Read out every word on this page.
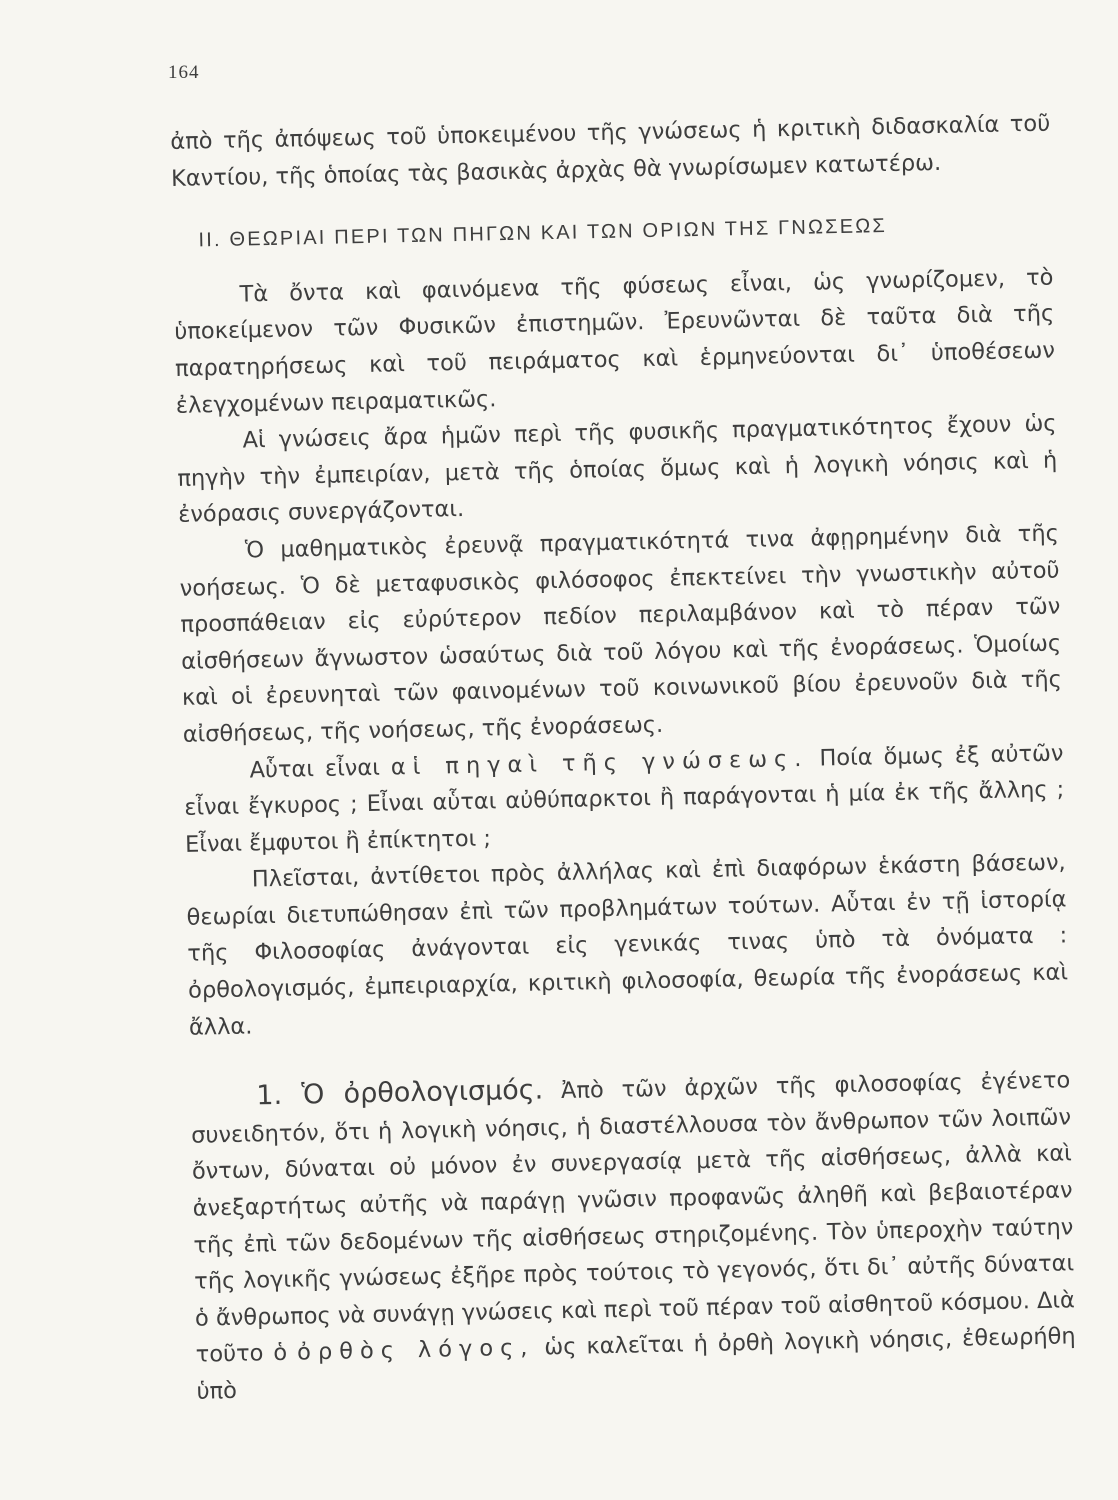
164

ἀπὸ τῆς ἀπόψεως τοῦ ὑποκειμένου τῆς γνώσεως ἡ κριτικὴ διδασκαλία τοῦ Καντίου, τῆς ὁποίας τὰς βασικὰς ἀρχὰς θὰ γνωρίσωμεν κατωτέρω.

ΙΙ. ΘΕΩΡΙΑΙ ΠΕΡΙ ΤΩΝ ΠΗΓΩΝ ΚΑΙ ΤΩΝ ΟΡΙΩΝ ΤΗΣ ΓΝΩΣΕΩΣ

Τὰ ὄντα καὶ φαινόμενα τῆς φύσεως εἶναι, ὡς γνωρίζομεν, τὸ ὑποκείμενον τῶν Φυσικῶν ἐπιστημῶν. Ἐρευνῶνται δὲ ταῦτα διὰ τῆς παρατηρήσεως καὶ τοῦ πειράματος καὶ ἑρμηνεύονται δι᾽ ὑποθέσεων ἐλεγχομένων πειραματικῶς.

Αἱ γνώσεις ἄρα ἡμῶν περὶ τῆς φυσικῆς πραγματικότητος ἔχουν ὡς πηγὴν τὴν ἐμπειρίαν, μετὰ τῆς ὁποίας ὅμως καὶ ἡ λογικὴ νόησις καὶ ἡ ἐνόρασις συνεργάζονται.

Ὁ μαθηματικὸς ἐρευνᾷ πραγματικότητά τινα ἀφῃρημένην διὰ τῆς νοήσεως. Ὁ δὲ μεταφυσικὸς φιλόσοφος ἐπεκτείνει τὴν γνωστικὴν αὐτοῦ προσπάθειαν εἰς εὐρύτερον πεδίον περιλαμβάνον καὶ τὸ πέραν τῶν αἰσθήσεων ἄγνωστον ὡσαύτως διὰ τοῦ λόγου καὶ τῆς ἐνοράσεως. Ὁμοίως καὶ οἱ ἐρευνηταὶ τῶν φαινομένων τοῦ κοινωνικοῦ βίου ἐρευνοῦν διὰ τῆς αἰσθήσεως, τῆς νοήσεως, τῆς ἐνοράσεως.

Αὗται εἶναι αἱ πηγαὶ τῆς γνώσεως. Ποία ὅμως ἐξ αὐτῶν εἶναι ἔγκυρος ; Εἶναι αὗται αὐθύπαρκτοι ἢ παράγονται ἡ μία ἐκ τῆς ἄλλης ; Εἶναι ἔμφυτοι ἢ ἐπίκτητοι ;

Πλεῖσται, ἀντίθετοι πρὸς ἀλλήλας καὶ ἐπὶ διαφόρων ἑκάστη βάσεων, θεωρίαι διετυπώθησαν ἐπὶ τῶν προβλημάτων τούτων. Αὗται ἐν τῇ ἱστορίᾳ τῆς Φιλοσοφίας ἀνάγονται εἰς γενικάς τινας ὑπὸ τὰ ὀνόματα : ὀρθολογισμός, ἐμπειριαρχία, κριτικὴ φιλοσοφία, θεωρία τῆς ἐνοράσεως καὶ ἄλλα.

1. Ὁ ὀρθολογισμός. Ἀπὸ τῶν ἀρχῶν τῆς φιλοσοφίας ἐγένετο συνειδητόν, ὅτι ἡ λογικὴ νόησις, ἡ διαστέλλουσα τὸν ἄνθρωπον τῶν λοιπῶν ὄντων, δύναται οὐ μόνον ἐν συνεργασίᾳ μετὰ τῆς αἰσθήσεως, ἀλλὰ καὶ ἀνεξαρτήτως αὐτῆς νὰ παράγῃ γνῶσιν προφανῶς ἀληθῆ καὶ βεβαιοτέραν τῆς ἐπὶ τῶν δεδομένων τῆς αἰσθήσεως στηριζομένης. Τὸν ὑπεροχὴν ταύτην τῆς λογικῆς γνώσεως ἐξῆρε πρὸς τούτοις τὸ γεγονός, ὅτι δι᾽ αὐτῆς δύναται ὁ ἄνθρωπος νὰ συνάγῃ γνώσεις καὶ περὶ τοῦ πέραν τοῦ αἰσθητοῦ κόσμου. Διὰ τοῦτο ὁ ὀρθὸς λόγος, ὡς καλεῖται ἡ ὀρθὴ λογικὴ νόησις, ἐθεωρήθη ὑπὸ
